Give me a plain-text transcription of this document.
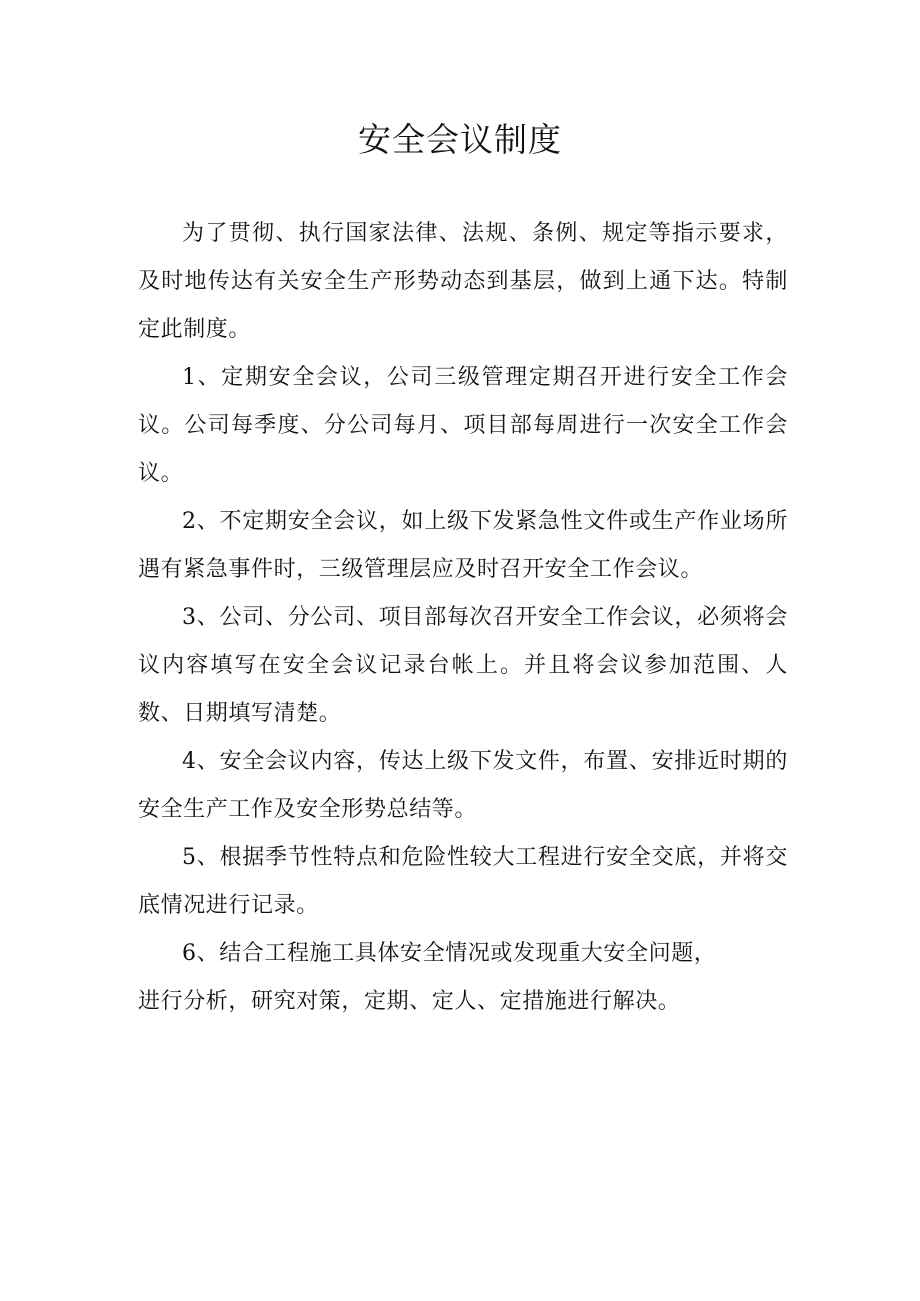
安全会议制度

为了贯彻、执行国家法律、法规、条例、规定等指示要求，及时地传达有关安全生产形势动态到基层，做到上通下达。特制定此制度。

1、定期安全会议，公司三级管理定期召开进行安全工作会议。公司每季度、分公司每月、项目部每周进行一次安全工作会议。

2、不定期安全会议，如上级下发紧急性文件或生产作业场所遇有紧急事件时，三级管理层应及时召开安全工作会议。

3、公司、分公司、项目部每次召开安全工作会议，必须将会议内容填写在安全会议记录台帐上。并且将会议参加范围、人数、日期填写清楚。

4、安全会议内容，传达上级下发文件，布置、安排近时期的安全生产工作及安全形势总结等。

5、根据季节性特点和危险性较大工程进行安全交底，并将交底情况进行记录。

6、结合工程施工具体安全情况或发现重大安全问题，

进行分析，研究对策，定期、定人、定措施进行解决。
